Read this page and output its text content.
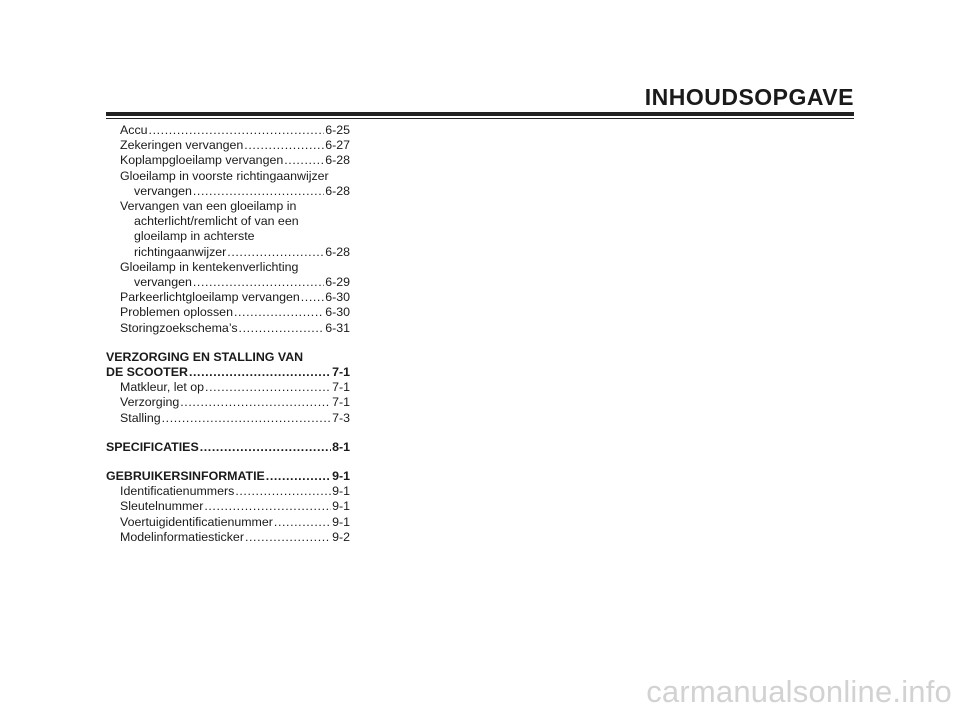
INHOUDSOPGAVE
Accu .....	6-25
Zekeringen vervangen .....	6-27
Koplampgloeilamp vervangen .....	6-28
Gloeilamp in voorste richtingaanwijzer
vervangen .....	6-28
Vervangen van een gloeilamp in
achterlicht/remlicht of van een
gloeilamp in achterste
richtingaanwijzer .....	6-28
Gloeilamp in kentekenverlichting
vervangen .....	6-29
Parkeerlichtgloeilamp vervangen ..... 6-30
Problemen oplossen .....	6-30
Storingzoekschema’s .....	6-31
VERZORGING EN STALLING VAN
DE SCOOTER .....	7-1
Matkleur, let op .....	7-1
Verzorging .....	7-1
Stalling .....	7-3
SPECIFICATIES .....	8-1
GEBRUIKERSINFORMATIE .....	9-1
Identificatienummers .....	9-1
Sleutelnummer .....	9-1
Voertuigidentificatienummer .....	9-1
Modelinformatiesticker .....	9-2
carmanualsonline.info
